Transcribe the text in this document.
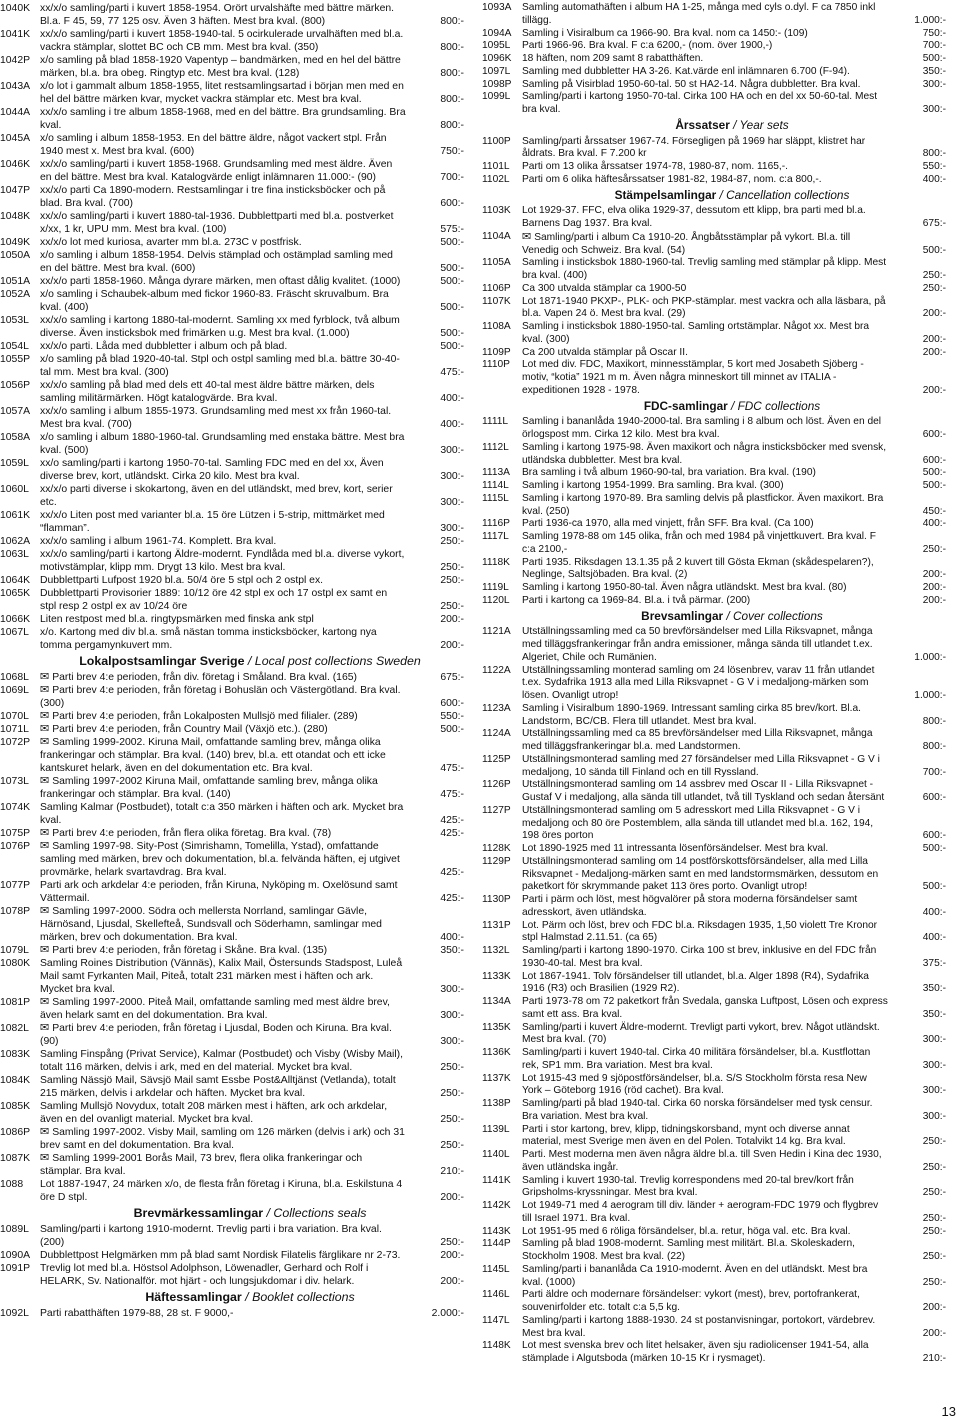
1040K xx/x/o samling/parti i kuvert 1858-1954. Orört urvalshäfte med bättre märken. Bl.a. F 45, 59, 77 125 osv. Även 3 häften. Mest bra kval. (800)	800:-
1041K xx/x/o samling/parti i kuvert 1858-1940-tal. 5 ocirkulerade urvalhäften med bl.a. vackra stämplar, slottet BC och CB mm. Mest bra kval. (350)	800:-
1042P x/o samling på blad 1858-1920 Vapentyp – bandmärken, med en hel del bättre märken, bl.a. bra obeg. Ringtyp etc. Mest bra kval. (128)	800:-
1043A x/o lot i gammalt album 1858-1955, litet restsamlingsartad i början men med en hel del bättre märken kvar, mycket vackra stämplar etc. Mest bra kval.	800:-
1044A xx/x/o samling i tre album 1858-1968, med en del bättre. Bra grundsamling. Bra kval.	800:-
1045A x/o samling i album 1858-1953. En del bättre äldre, något vackert stpl. Från 1940 mest x. Mest bra kval. (600)	750:-
1046K xx/x/o samling/parti i kuvert 1858-1968. Grundsamling med mest äldre. Även en del bättre. Mest bra kval. Katalogvärde enligt inlämnaren 11.000:- (90)	700:-
1047P xx/x/o parti Ca 1890-modern. Restsamlingar i tre fina insticksböcker och på blad. Bra kval. (700)	600:-
1048K xx/x/o samling/parti i kuvert 1880-tal-1936. Dubblettparti med bl.a. postverket x/xx, 1 kr, UPU mm. Mest bra kval. (100)	575:-
1049K xx/x/o lot med kuriosa, avarter mm bl.a. 273C v postfrisk.	500:-
1050A x/o samling i album 1858-1954. Delvis stämplad och ostämplad samling med en del bättre. Mest bra kval. (600)	500:-
1051A xx/x/o parti 1858-1960. Många dyrare märken, men oftast dålig kvalitet. (1000)	500:-
1052A x/o samling i Schaubek-album med fickor 1960-83. Fräscht skruvalbum. Bra kval. (400)	500:-
1053L	xx/x/o samling i kartong 1880-tal-modernt. Samling xx med fyrblock, två album diverse. Även insticksbok med frimärken u.g. Mest bra kval. (1.000)	500:-
1054L	xx/x/o parti. Låda med dubbletter i album och på blad.	500:-
1055P x/o samling på blad 1920-40-tal. Stpl och ostpl samling med bl.a. bättre 30-40-tal mm. Mest bra kval. (300)	475:-
1056P xx/x/o samling på blad med dels ett 40-tal mest äldre bättre märken, dels samling militärmärken. Högt katalogvärde. Bra kval.	400:-
1057A xx/x/o samling i album 1855-1973. Grundsamling med mest xx från 1960-tal. Mest bra kval. (700)	400:-
1058A x/o samling i album 1880-1960-tal. Grundsamling med enstaka bättre. Mest bra kval. (500)	300:-
1059L	xx/o samling/parti i kartong 1950-70-tal. Samling FDC med en del xx, Även diverse brev, kort, utländskt. Cirka 20 kilo. Mest bra kval.	300:-
1060L	xx/x/o parti diverse i skokartong, även en del utländskt, med brev, kort, serier etc.	300:-
1061K xx/x/o Liten post med varianter bl.a. 15 öre Lützen i 5-strip, mittmärket med “flamman”.	300:-
1062A xx/x/o samling i album 1961-74. Komplett. Bra kval.	250:-
1063L	xx/x/o samling/parti i kartong Äldre-modernt. Fyndlåda med bl.a. diverse vykort, motivstämplar, klipp mm. Drygt 13 kilo. Mest bra kval.	250:-
1064K Dubblettparti Lufpost 1920 bl.a. 50/4 öre 5 stpl och 2 ostpl ex.	250:-
1065K Dubblettparti Provisorier 1889: 10/12 öre 42 stpl ex och 17 ostpl ex samt en stpl resp 2 ostpl ex av 10/24 öre	250:-
1066K Liten restpost med bl.a. ringtypsmärken med finska ank stpl	200:-
1067L	x/o. Kartong med div bl.a. små nästan tomma insticksböcker, kartong nya tomma pergamynkuvert mm.	200:-
Lokalpostsamlingar Sverige / Local post collections Sweden
1068L	✉ Parti brev 4:e perioden, från div. företag i Småland. Bra kval. (165)	675:-
1069L	✉ Parti brev 4:e perioden, från företag i Bohuslän och Västergötland. Bra kval. (300)	600:-
1070L	✉ Parti brev 4:e perioden, från Lokalposten Mullsjö med filialer. (289)	550:-
1071L	✉ Parti brev 4:e perioden, från Country Mail (Växjö etc.). (280)	500:-
1072P ✉ Samling 1999-2002. Kiruna Mail, omfattande samling brev, många olika frankeringar och stämplar. Bra kval. (140) brev, bl.a. ett otandat och ett icke kantskuret helark, även en del dokumentation etc. Bra kval.	475:-
1073L	✉ Samling 1997-2002 Kiruna Mail, omfattande samling brev, många olika frankeringar och stämplar. Bra kval. (140)	475:-
1074K Samling Kalmar (Postbudet), totalt c:a 350 märken i häften och ark. Mycket bra kval.	425:-
1075P ✉ Parti brev 4:e perioden, från flera olika företag. Bra kval. (78)	425:-
1076P ✉ Samling 1997-98. Sity-Post (Simrishamn, Tomelilla, Ystad), omfattande samling med märken, brev och dokumentation, bl.a. felvända häften, ej utgivet provmärke, helark svartavdrag. Bra kval.	425:-
1077P Parti ark och arkdelar 4:e perioden, från Kiruna, Nyköping m. Oxelösund samt Vättermail.	425:-
1078P ✉ Samling 1997-2000. Södra och mellersta Norrland, samlingar Gävle, Härnösand, Ljusdal, Skellefteå, Sundsvall och Söderhamn, samlingar med märken, brev och dokumentation. Bra kval.	400:-
1079L	✉ Parti brev 4:e perioden, från företag i Skåne. Bra kval. (135)	350:-
1080K Samling Roines Distribution (Vännäs), Kalix Mail, Östersunds Stadspost, Luleå Mail samt Fyrkanten Mail, Piteå, totalt 231 märken mest i häften och ark. Mycket bra kval.	300:-
1081P ✉ Samling 1997-2000. Piteå Mail, omfattande samling med mest äldre brev, även helark samt en del dokumentation. Bra kval.	300:-
1082L	✉ Parti brev 4:e perioden, från företag i Ljusdal, Boden och Kiruna. Bra kval. (90)	300:-
1083K Samling Finspång (Privat Service), Kalmar (Postbudet) och Visby (Wisby Mail), totalt 116 märken, delvis i ark, med en del material. Mycket bra kval.	250:-
1084K Samling Nässjö Mail, Sävsjö Mail samt Essbe Post&Alltjänst (Vetlanda), totalt 215 märken, delvis i arkdelar och häften. Mycket bra kval.	250:-
1085K Samling Mullsjö Novydux, totalt 208 märken mest i häften, ark och arkdelar, även en del ovanligt material. Mycket bra kval.	250:-
1086P ✉ Samling 1997-2002. Visby Mail, samling om 126 märken (delvis i ark) och 31 brev samt en del dokumentation. Bra kval.	250:-
1087K ✉ Samling 1999-2001 Borås Mail, 73 brev, flera olika frankeringar och stämplar. Bra kval.	210:-
1088	Lot 1887-1947, 24 märken x/o, de flesta från företag i Kiruna, bl.a. Eskilstuna 4 öre D stpl.	200:-
Brevmärkessamlingar / Collections seals
1089L	Samling/parti i kartong 1910-modernt. Trevlig parti i bra variation. Bra kval. (200)	250:-
1090A Dubblettpost Helgmärken mm på blad samt Nordisk Filatelis färglikare nr 2-73.	200:-
1091P Trevlig lot med bl.a. Höstsol Adolphson, Löwenadler, Gerhard och Rolf i HELARK, Sv. Nationalför. mot hjärt - och lungsjukdomar i div. helark.	200:-
Häftessamlingar / Booklet collections
1092L	Parti rabatthäften 1979-88, 28 st. F 9000,-	2.000:-
1093A	Samling automathäften i album HA 1-25, många med cyls o.dyl. F ca 7850 inkl tillägg.	1.000:-
1094A	Samling i Visiralbum ca 1966-90. Bra kval. nom ca 1450:- (109)	750:-
1095L	Parti 1966-96. Bra kval. F c:a 6200,- (nom. över 1900,-)	700:-
1096K	18 häften, nom 209 samt 8 rabatthäften.	500:-
1097L	Samling med dubbletter HA 3-26. Kat.värde enl inlämnaren 6.700 (F-94).	350:-
1098P	Samling på Visirblad 1950-60-tal. 50 st HA2-14. Några dubbletter. Bra kval.	300:-
1099L	Samling/parti i kartong 1950-70-tal. Cirka 100 HA och en del xx 50-60-tal. Mest bra kval.	300:-
Årssatser / Year sets
1100P	Samling/parti årssatser 1967-74. Försegligen på 1969 har släppt, klistret har åldrats. Bra kval. F 7.200 kr	800:-
1101L	Parti om 13 olika årssatser 1974-78, 1980-87, nom. 1165,-.	550:-
1102L	Parti om 6 olika häftesårssatser 1981-82, 1984-87, nom. c:a 800,-.	400:-
Stämpelsamlingar / Cancellation collections
1103K	Lot 1929-37. FFC, elva olika 1929-37, dessutom ett klipp, bra parti med bl.a. Barnens Dag 1937. Bra kval.	675:-
1104A	✉ Samling/parti i album Ca 1910-20. Ångbåtsstämplar på vykort. Bl.a. till Venedig och Schweiz. Bra kval. (54)	500:-
1105A	Samling i insticksbok 1880-1960-tal. Trevlig samling med stämplar på klipp. Mest bra kval. (400)	250:-
1106P	Ca 300 utvalda stämplar ca 1900-50	250:-
1107K	Lot 1871-1940 PKXP-, PLK- och PKP-stämplar. mest vackra och alla läsbara, på bl.a. Vapen 24 ö. Mest bra kval. (29)	200:-
1108A	Samling i insticksbok 1880-1950-tal. Samling ortstämplar. Något xx. Mest bra kval. (300)	200:-
1109P	Ca 200 utvalda stämplar på Oscar II.	200:-
1110P	Lot med div. FDC, Maxikort, minnesstämplar, 5 kort med Josabeth Sjöberg - motiv, “kotia” 1921 m m. Även några minneskort till minnet av ITALIA - expeditionen 1928 - 1978.	200:-
FDC-samlingar / FDC collections
1111L	Samling i bananlåda 1940-2000-tal. Bra samling i 8 album och löst. Även en del örlogspost mm. Cirka 12 kilo. Mest bra kval.	600:-
1112L	Samling i kartong 1975-98. Även maxikort och några insticksböcker med svensk, utländska dubbletter. Mest bra kval.	600:-
1113A	Bra samling i två album 1960-90-tal, bra variation. Bra kval. (190)	500:-
1114L	Samling i kartong 1954-1999. Bra samling. Bra kval. (300)	500:-
1115L	Samling i kartong 1970-89. Bra samling delvis på plastfickor. Även maxikort. Bra kval. (250)	450:-
1116P	Parti 1936-ca 1970, alla med vinjett, från SFF. Bra kval. (Ca 100)	400:-
1117L	Samling 1978-88 om 145 olika, från och med 1984 på vinjettkuvert. Bra kval. F c:a 2100,-	250:-
1118K	Parti 1935. Riksdagen 13.1.35 på 2 kuvert till Gösta Ekman (skådespelaren?), Neglinge, Saltsjöbaden. Bra kval. (2)	200:-
1119L	Samling i kartong 1950-80-tal. Även några utländskt. Mest bra kval. (80)	200:-
1120L	Parti i kartong ca 1969-84. Bl.a. i två pärmar. (200)	200:-
Brevsamlingar / Cover collections
1121A	Utställningssamling med ca 50 brevförsändelser med Lilla Riksvapnet, många med tilläggsfrankeringar från andra emissioner, många sända till utlandet t.ex. Algeriet, Chile och Rumänien.	1.000:-
1122A	Utställningssamling monterad samling om 24 lösenbrev, varav 11 från utlandet t.ex. Sydafrika 1913 alla med Lilla Riksvapnet - G V i medaljong-märken som lösen. Ovanligt utrop!	1.000:-
1123A	Samling i Visiralbum 1890-1969. Intressant samling cirka 85 brev/kort. Bl.a. Landstorm, BC/CB. Flera till utlandet. Mest bra kval.	800:-
1124A	Utställningssamling med ca 85 brevförsändelser med Lilla Riksvapnet, många med tilläggsfrankeringar bl.a. med Landstormen.	800:-
1125P	Utställningsmonterad samling med 27 försändelser med Lilla Riksvapnet - G V i medaljong, 10 sända till Finland och en till Ryssland.	700:-
1126P	Utställningsmonterad samling om 14 assbrev med Oscar II - Lilla Riksvapnet - Gustaf V i medaljong, alla sända till utlandet, två till Tyskland och sedan återsänt	600:-
1127P	Utställningsmonterad samling om 5 adresskort med Lilla Riksvapnet - G V i medaljong och 80 öre Postemblem, alla sända till utlandet med bl.a. 162, 194, 198 öres porton	600:-
1128K	Lot 1890-1925 med 11 intressanta lösenförsändelser. Mest bra kval.	500:-
1129P	Utställningsmonterad samling om 14 postförskottsförsändelser, alla med Lilla Riksvapnet - Medaljong-märken samt en med landstormsmärken, dessutom en paketkort för skrymmande paket 113 öres porto. Ovanligt utrop!	500:-
1130P	Parti i pärm och löst, mest högvalörer på stora moderna försändelser samt adresskort, även utländska.	400:-
1131P	Lot. Pärm och löst, brev och FDC bl.a. Riksdagen 1935, 1,50 violett Tre Kronor stpl Halmstad 2.11.51. (ca 65)	400:-
1132L	Samling/parti i kartong 1890-1970. Cirka 100 st brev, inklusive en del FDC från 1930-40-tal. Mest bra kval.	375:-
1133K	Lot 1867-1941. Tolv försändelser till utlandet, bl.a. Alger 1898 (R4), Sydafrika 1916 (R3) och Brasilien (1929 R2).	350:-
1134A	Parti 1973-78 om 72 paketkort från Svedala, ganska Luftpost, Lösen och express samt ett ass. Bra kval.	350:-
1135K	Samling/parti i kuvert Äldre-modernt. Trevligt parti vykort, brev. Något utländskt. Mest bra kval. (70)	300:-
1136K	Samling/parti i kuvert 1940-tal. Cirka 40 militära försändelser, bl.a. Kustflottan rek, SP1 mm. Bra variation. Mest bra kval.	300:-
1137K	Lot 1915-43 med 9 sjöpostförsändelser, bl.a. S/S Stockholm första resa New York – Göteborg 1916 (röd cachet). Bra kval.	300:-
1138P	Samling/parti på blad 1940-tal. Cirka 60 norska försändelser med tysk censur. Bra variation. Mest bra kval.	300:-
1139L	Parti i stor kartong, brev, klipp, tidningskorsband, mynt och diverse annat material, mest Sverige men även en del Polen. Totalvikt 14 kg. Bra kval.	250:-
1140L	Parti. Mest moderna men även några äldre bl.a. till Sven Hedin i Kina dec 1930, även utländska ingår.	250:-
1141K	Samling i kuvert 1930-tal. Trevlig korrespondens med 20-tal brev/kort från Gripsholms-kryssningar. Mest bra kval.	250:-
1142K	Lot 1949-71 med 4 aerogram till div. länder + aerogram-FDC 1979 och flygbrev till Israel 1971. Bra kval.	250:-
1143K	Lot 1951-95 med 6 röliga försändelser, bl.a. retur, höga val. etc. Bra kval.	250:-
1144P	Samling på blad 1908-modernt. Samling mest militärt. Bl.a. Skoleskadern, Stockholm 1908. Mest bra kval. (22)	250:-
1145L	Samling/parti i bananlåda Ca 1910-modernt. Även en del utländskt. Mest bra kval. (1000)	250:-
1146L	Parti äldre och modernare försändelser: vykort (mest), brev, portofrankerat, souvenirfolder etc. totalt c:a 5,5 kg.	200:-
1147L	Samling/parti i kartong 1888-1930. 24 st postanvisningar, portokort, värdebrev. Mest bra kval.	200:-
1148K	Lot mest svenska brev och litet helsaker, även sju radiolicenser 1941-54, alla stämplade i Algutsboda (märken 10-15 Kr i rysmaget).	210:-
13
